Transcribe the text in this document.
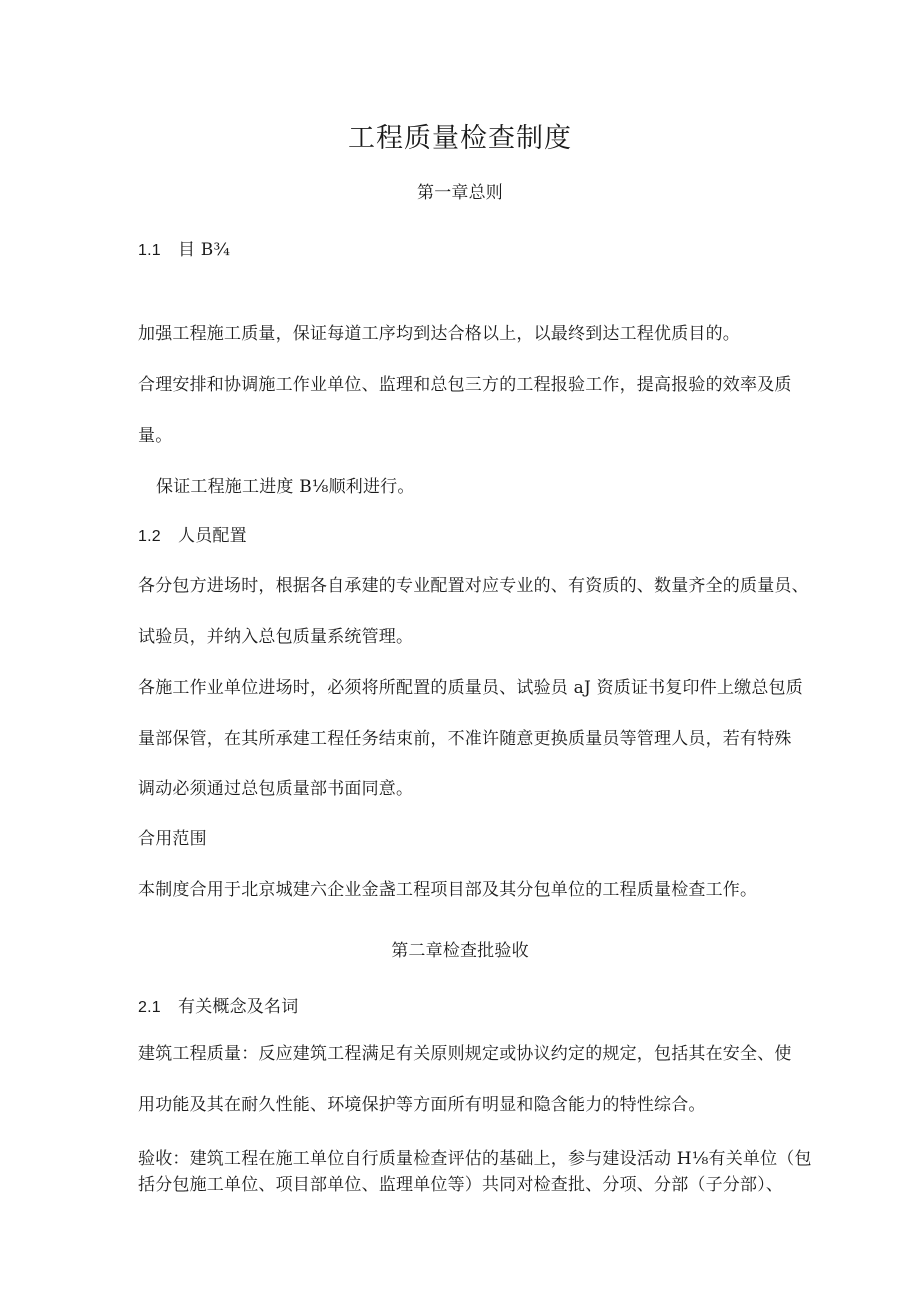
工程质量检查制度
第一章总则
1.1 目 B¾
加强工程施工质量，保证每道工序均到达合格以上，以最终到达工程优质目的。
合理安排和协调施工作业单位、监理和总包三方的工程报验工作，提高报验的效率及质
量。
保证工程施工进度 B⅛顺利进行。
1.2 人员配置
各分包方进场时，根据各自承建的专业配置对应专业的、有资质的、数量齐全的质量员、
试验员，并纳入总包质量系统管理。
各施工作业单位进场时，必须将所配置的质量员、试验员 aJ 资质证书复印件上缴总包质
量部保管，在其所承建工程任务结束前，不准许随意更换质量员等管理人员，若有特殊
调动必须通过总包质量部书面同意。
合用范围
本制度合用于北京城建六企业金盏工程项目部及其分包单位的工程质量检查工作。
第二章检查批验收
2.1 有关概念及名词
建筑工程质量：反应建筑工程满足有关原则规定或协议约定的规定，包括其在安全、使
用功能及其在耐久性能、环境保护等方面所有明显和隐含能力的特性综合。
验收：建筑工程在施工单位自行质量检查评估的基础上，参与建设活动 H⅛有关单位（包
括分包施工单位、项目部单位、监理单位等）共同对检查批、分项、分部（子分部）、
